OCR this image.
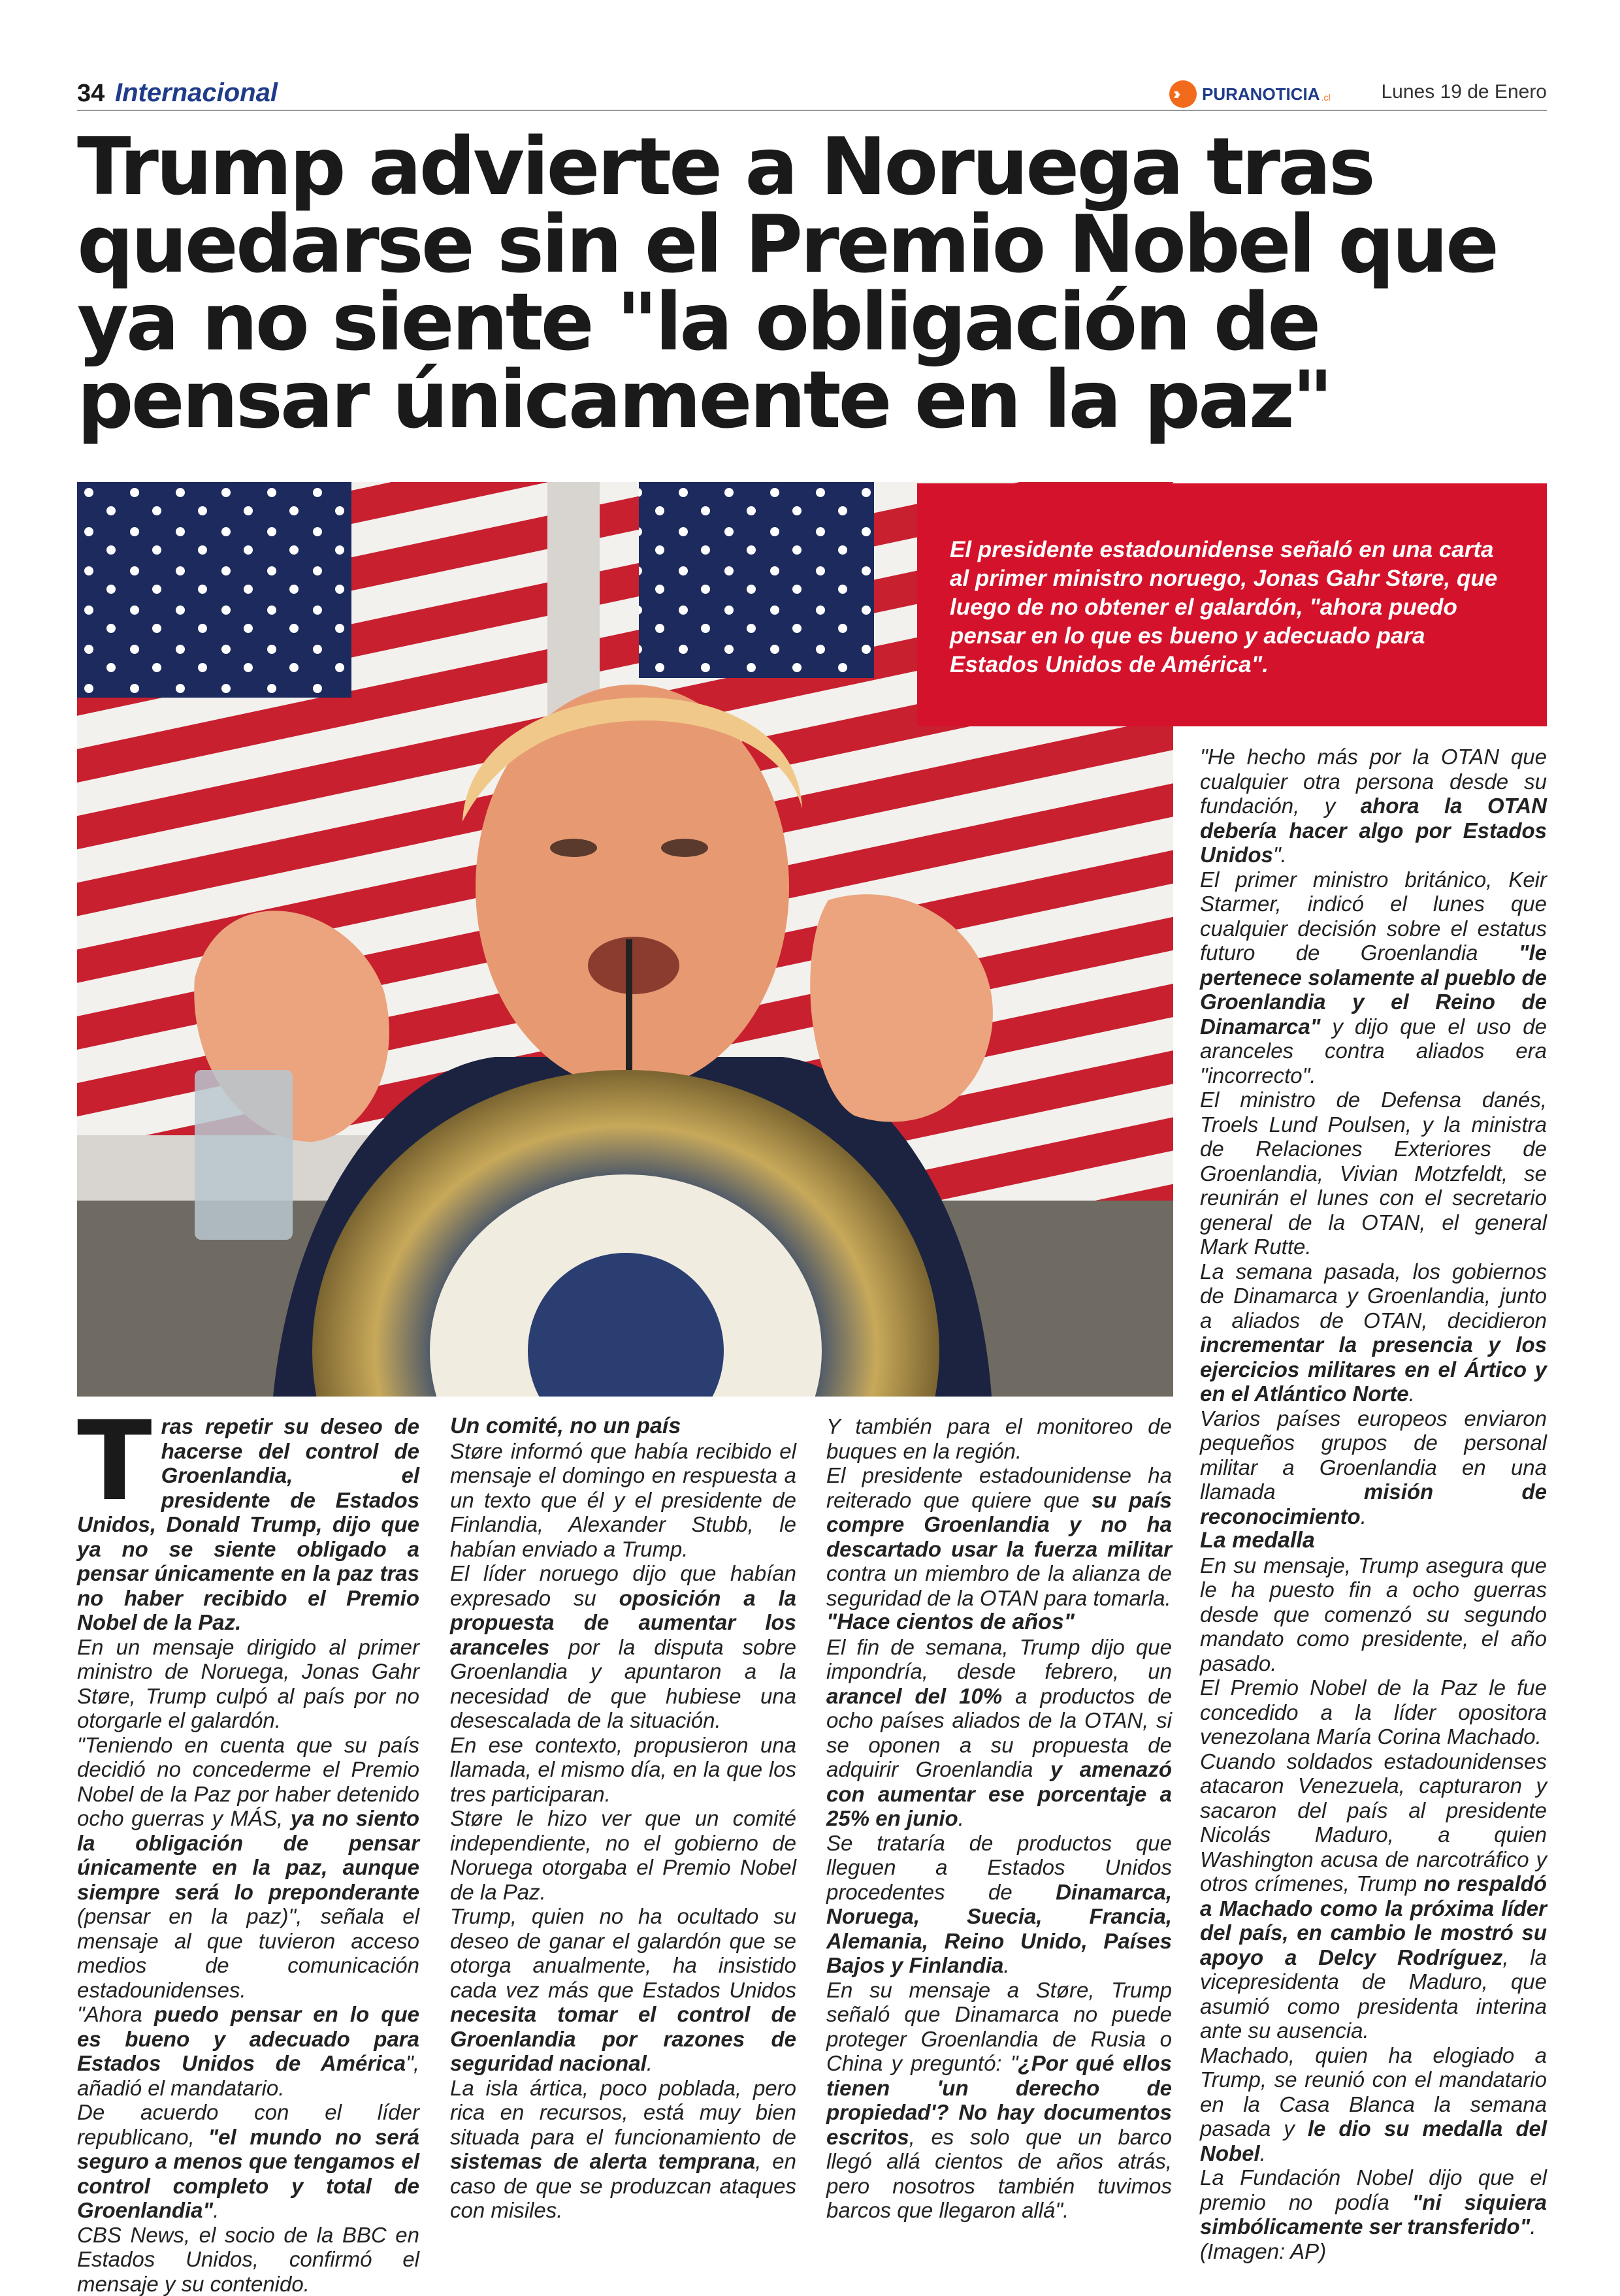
34 Internacional	›› PURANOTICIA .cl	Lunes 19 de Enero
Trump advierte a Noruega tras quedarse sin el Premio Nobel que ya no siente "la obligación de pensar únicamente en la paz"

El presidente estadounidense señaló en una carta al primer ministro noruego, Jonas Gahr Støre, que luego de no obtener el galardón, "ahora puedo pensar en lo que es bueno y adecuado para Estados Unidos de América".

Tras repetir su deseo de hacerse del control de Groenlandia, el presidente de Estados Unidos, Donald Trump, dijo que ya no se siente obligado a pensar únicamente en la paz tras no haber recibido el Premio Nobel de la Paz.

En un mensaje dirigido al primer ministro de Noruega, Jonas Gahr Støre, Trump culpó al país por no otorgarle el galardón.

"Teniendo en cuenta que su país decidió no concederme el Premio Nobel de la Paz por haber detenido ocho guerras y MÁS, ya no siento la obligación de pensar únicamente en la paz, aunque siempre será lo preponderante (pensar en la paz)", señala el mensaje al que tuvieron acceso medios de comunicación estadounidenses.

"Ahora puedo pensar en lo que es bueno y adecuado para Estados Unidos de América", añadió el mandatario.

De acuerdo con el líder republicano, "el mundo no será seguro a menos que tengamos el control completo y total de Groenlandia".

CBS News, el socio de la BBC en Estados Unidos, confirmó el mensaje y su contenido.

Un comité, no un país

Støre informó que había recibido el mensaje el domingo en respuesta a un texto que él y el presidente de Finlandia, Alexander Stubb, le habían enviado a Trump.

El líder noruego dijo que habían expresado su oposición a la propuesta de aumentar los aranceles por la disputa sobre Groenlandia y apuntaron a la necesidad de que hubiese una desescalada de la situación.

En ese contexto, propusieron una llamada, el mismo día, en la que los tres participaran.

Støre le hizo ver que un comité independiente, no el gobierno de Noruega otorgaba el Premio Nobel de la Paz.

Trump, quien no ha ocultado su deseo de ganar el galardón que se otorga anualmente, ha insistido cada vez más que Estados Unidos necesita tomar el control de Groenlandia por razones de seguridad nacional.

La isla ártica, poco poblada, pero rica en recursos, está muy bien situada para el funcionamiento de sistemas de alerta temprana, en caso de que se produzcan ataques con misiles.

Y también para el monitoreo de buques en la región.

El presidente estadounidense ha reiterado que quiere que su país compre Groenlandia y no ha descartado usar la fuerza militar contra un miembro de la alianza de seguridad de la OTAN para tomarla.

"Hace cientos de años"

El fin de semana, Trump dijo que impondría, desde febrero, un arancel del 10% a productos de ocho países aliados de la OTAN, si se oponen a su propuesta de adquirir Groenlandia y amenazó con aumentar ese porcentaje a 25% en junio.

Se trataría de productos que lleguen a Estados Unidos procedentes de Dinamarca, Noruega, Suecia, Francia, Alemania, Reino Unido, Países Bajos y Finlandia.

En su mensaje a Støre, Trump señaló que Dinamarca no puede proteger Groenlandia de Rusia o China y preguntó: "¿Por qué ellos tienen 'un derecho de propiedad'? No hay documentos escritos, es solo que un barco llegó allá cientos de años atrás, pero nosotros también tuvimos barcos que llegaron allá".

"He hecho más por la OTAN que cualquier otra persona desde su fundación, y ahora la OTAN debería hacer algo por Estados Unidos".

El primer ministro británico, Keir Starmer, indicó el lunes que cualquier decisión sobre el estatus futuro de Groenlandia "le pertenece solamente al pueblo de Groenlandia y el Reino de Dinamarca" y dijo que el uso de aranceles contra aliados era "incorrecto".

El ministro de Defensa danés, Troels Lund Poulsen, y la ministra de Relaciones Exteriores de Groenlandia, Vivian Motzfeldt, se reunirán el lunes con el secretario general de la OTAN, el general Mark Rutte.

La semana pasada, los gobiernos de Dinamarca y Groenlandia, junto a aliados de OTAN, decidieron incrementar la presencia y los ejercicios militares en el Ártico y en el Atlántico Norte.

Varios países europeos enviaron pequeños grupos de personal militar a Groenlandia en una llamada misión de reconocimiento.

La medalla

En su mensaje, Trump asegura que le ha puesto fin a ocho guerras desde que comenzó su segundo mandato como presidente, el año pasado.

El Premio Nobel de la Paz le fue concedido a la líder opositora venezolana María Corina Machado.

Cuando soldados estadounidenses atacaron Venezuela, capturaron y sacaron del país al presidente Nicolás Maduro, a quien Washington acusa de narcotráfico y otros crímenes, Trump no respaldó a Machado como la próxima líder del país, en cambio le mostró su apoyo a Delcy Rodríguez, la vicepresidenta de Maduro, que asumió como presidenta interina ante su ausencia.

Machado, quien ha elogiado a Trump, se reunió con el mandatario en la Casa Blanca la semana pasada y le dio su medalla del Nobel.

La Fundación Nobel dijo que el premio no podía "ni siquiera simbólicamente ser transferido".

(Imagen: AP)
